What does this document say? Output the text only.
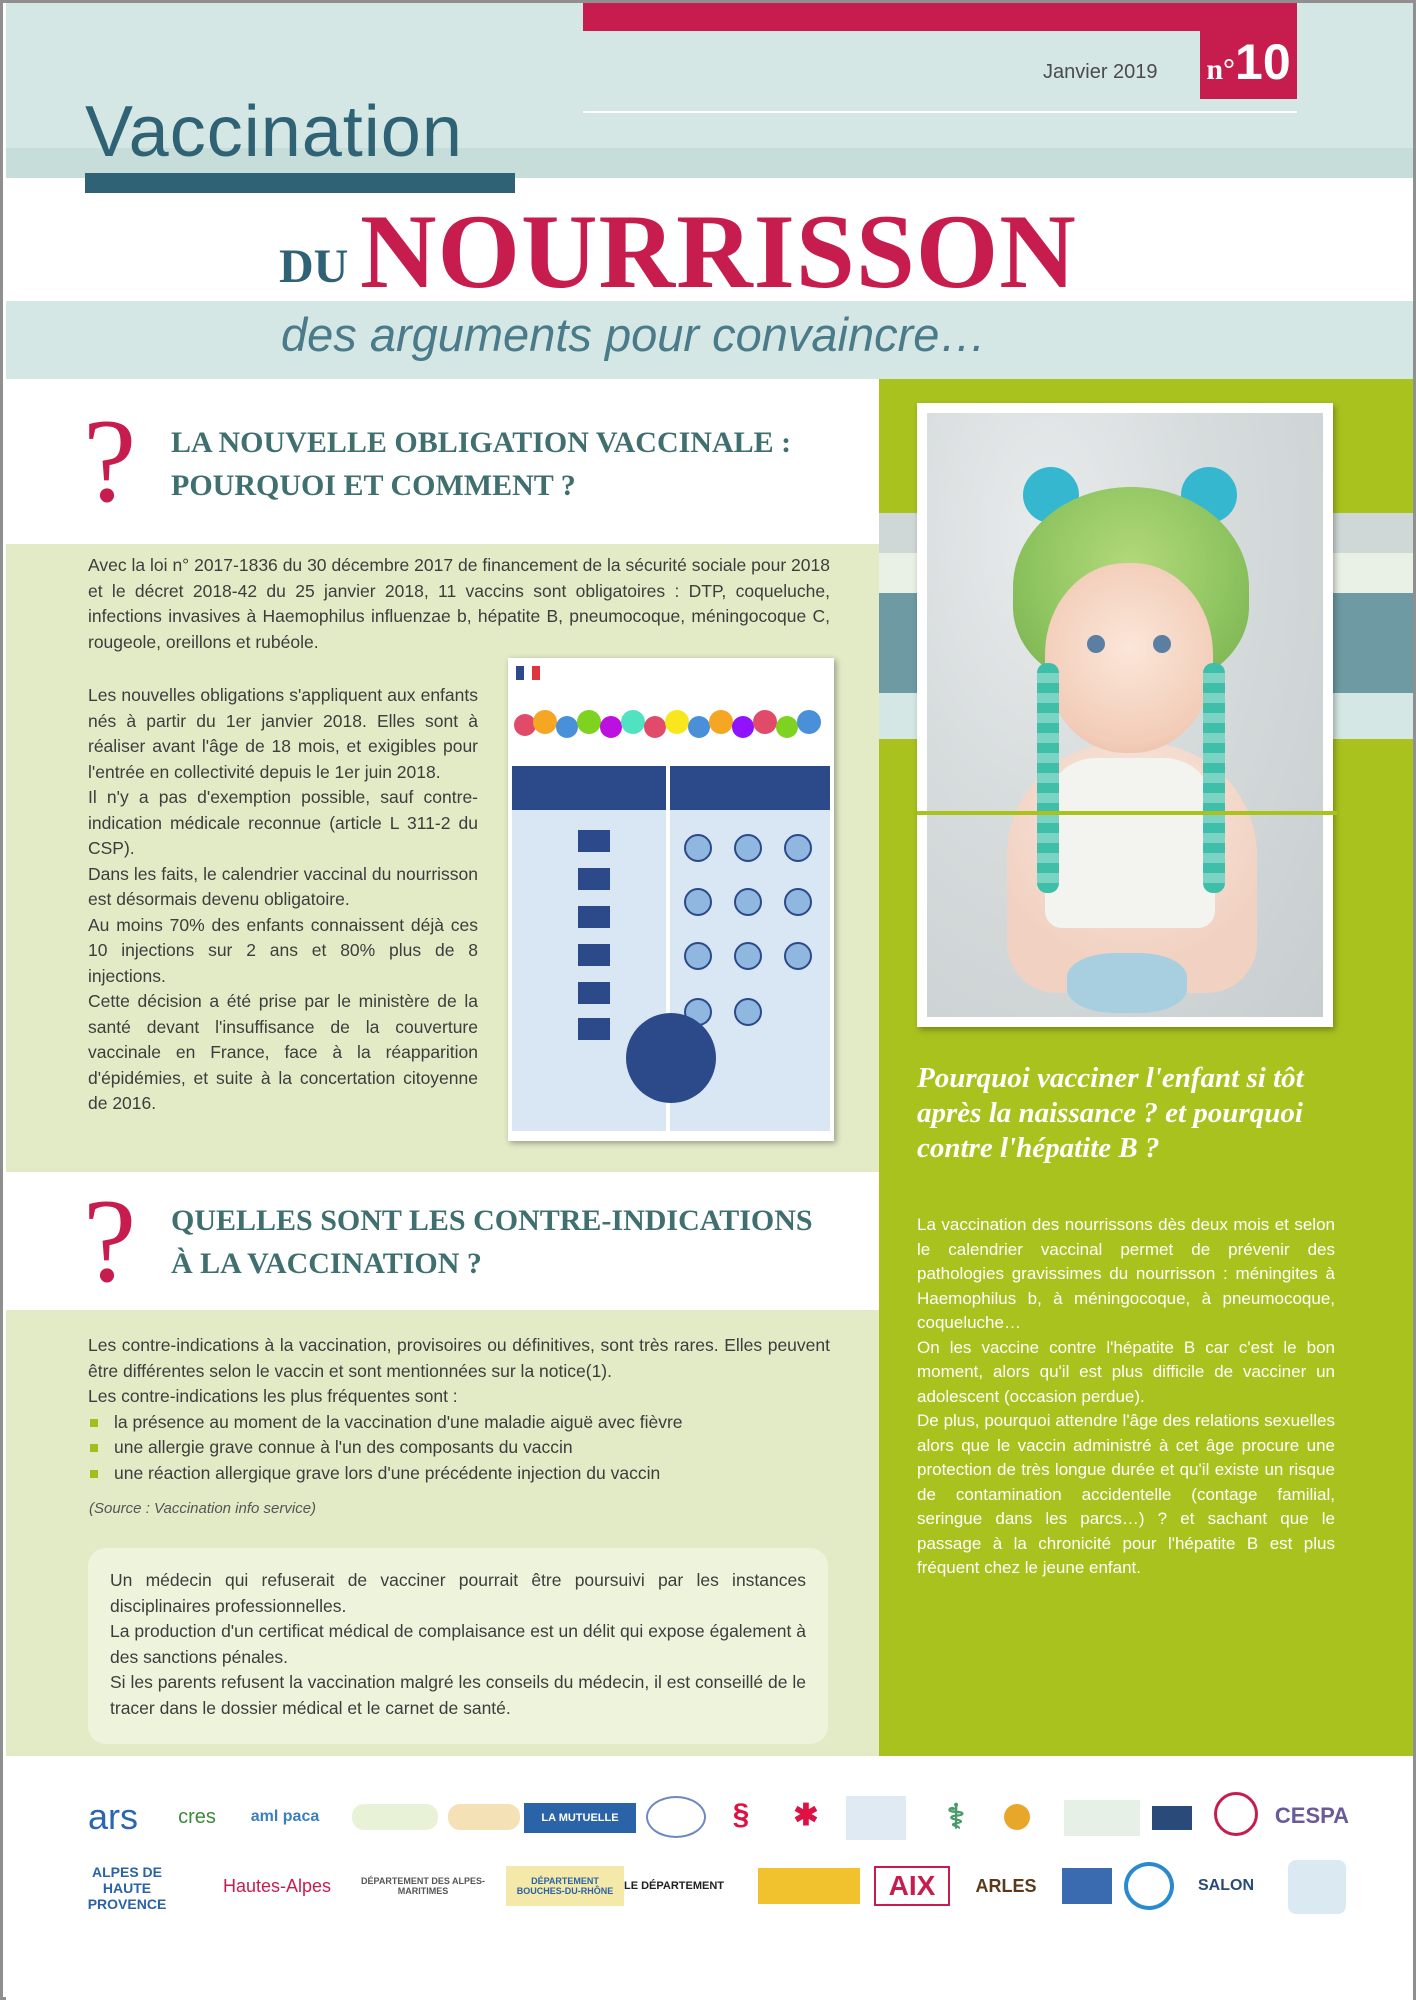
n° 10
Janvier 2019
Vaccination
DU NOURRISSON
des arguments pour convaincre…
? LA NOUVELLE OBLIGATION VACCINALE :
POURQUOI ET COMMENT ?
Avec la loi n° 2017-1836 du 30 décembre 2017 de financement de la sécurité sociale pour 2018 et le décret 2018-42 du 25 janvier 2018, 11 vaccins sont obligatoires : DTP, coqueluche, infections invasives à Haemophilus influenzae b, hépatite B, pneumocoque, méningocoque C, rougeole, oreillons et rubéole.

Les nouvelles obligations s'appliquent aux enfants nés à partir du 1er janvier 2018. Elles sont à réaliser avant l'âge de 18 mois, et exigibles pour l'entrée en collectivité depuis le 1er juin 2018.

Il n'y a pas d'exemption possible, sauf contre-indication médicale reconnue (article L 311-2 du CSP).

Dans les faits, le calendrier vaccinal du nourrisson est désormais devenu obligatoire.

Au moins 70% des enfants connaissent déjà ces 10 injections sur 2 ans et 80% plus de 8 injections.

Cette décision a été prise par le ministère de la santé devant l'insuffisance de la couverture vaccinale en France, face à la réapparition d'épidémies, et suite à la concertation citoyenne de 2016.

? QUELLES SONT LES CONTRE-INDICATIONS
À LA VACCINATION ?

Les contre-indications à la vaccination, provisoires ou définitives, sont très rares. Elles peuvent être différentes selon le vaccin et sont mentionnées sur la notice(1).

Les contre-indications les plus fréquentes sont :

la présence au moment de la vaccination d'une maladie aiguë avec fièvre
une allergie grave connue à l'un des composants du vaccin
une réaction allergique grave lors d'une précédente injection du vaccin
(Source : Vaccination info service)

Un médecin qui refuserait de vacciner pourrait être poursuivi par les instances disciplinaires professionnelles.

La production d'un certificat médical de complaisance est un délit qui expose également à des sanctions pénales.

Si les parents refusent la vaccination malgré les conseils du médecin, il est conseillé de le tracer dans le dossier médical et le carnet de santé.

Pourquoi vacciner l'enfant si tôt après la naissance ? et pourquoi contre l'hépatite B ?

La vaccination des nourrissons dès deux mois et selon le calendrier vaccinal permet de prévenir des pathologies gravissimes du nourrisson : méningites à Haemophilus b, à méningocoque, à pneumocoque, coqueluche…

On les vaccine contre l'hépatite B car c'est le bon moment, alors qu'il est plus difficile de vacciner un adolescent (occasion perdue).

De plus, pourquoi attendre l'âge des relations sexuelles alors que le vaccin administré à cet âge procure une protection de très longue durée et qu'il existe un risque de contamination accidentelle (contage familial, seringue dans les parcs…) ? et sachant que le passage à la chronicité pour l'hépatite B est plus fréquent chez le jeune enfant.

ars	cres	aml paca	LA MUTUELLE	§	✱	⚕	CESPA
ALPES DE HAUTE PROVENCE
Hautes-Alpes	DÉPARTEMENT DES ALPES-MARITIMES
DÉPARTEMENT BOUCHES-DU-RHÔNE LE DÉPARTEMENT	AIX	ARLES	SALON
